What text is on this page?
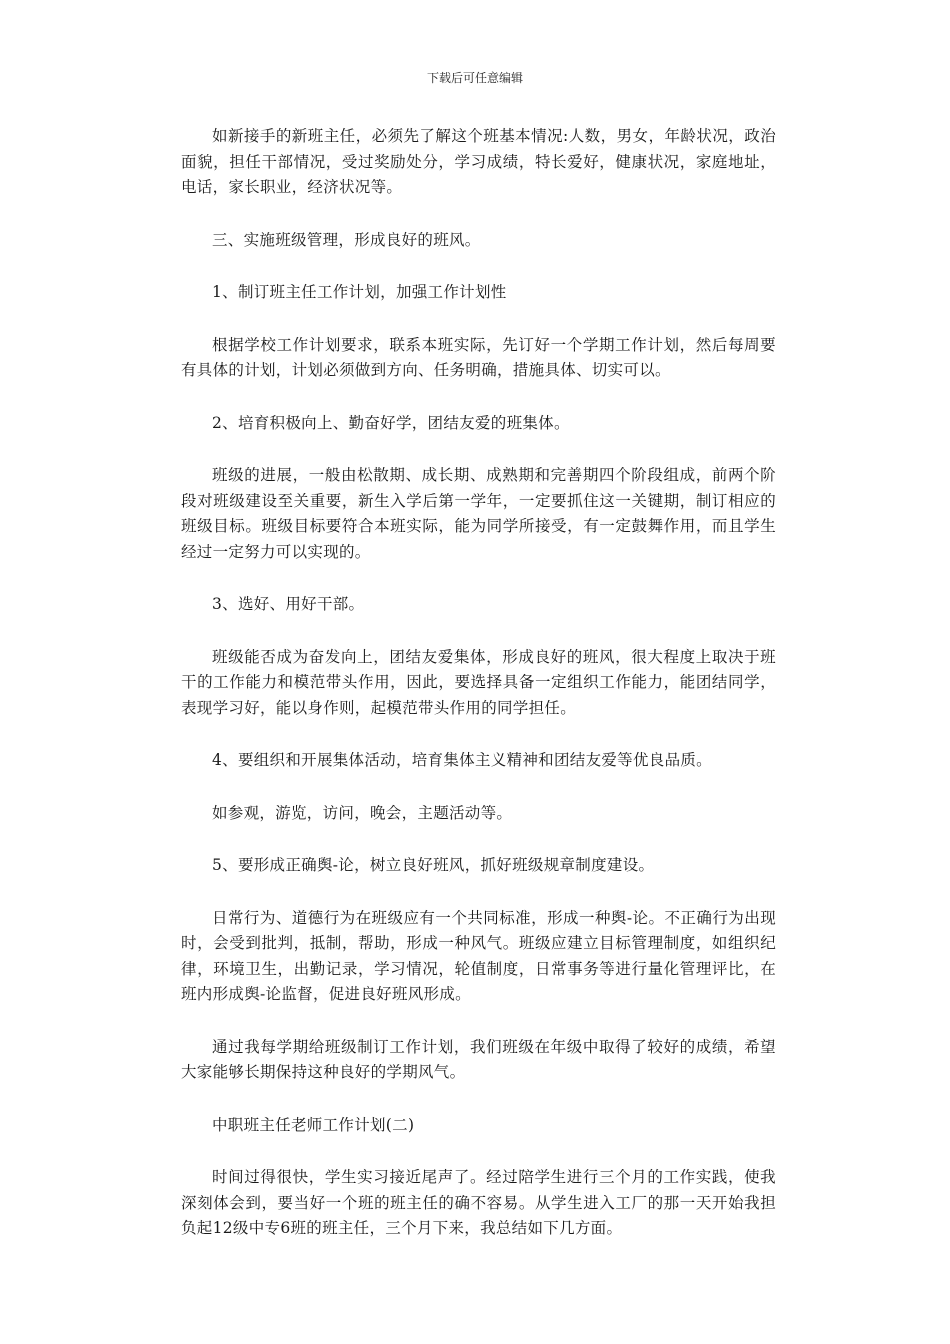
下载后可任意编辑

如新接手的新班主任，必须先了解这个班基本情况:人数，男女，年龄状况，政治面貌，担任干部情况，受过奖励处分，学习成绩，特长爱好，健康状况，家庭地址，电话，家长职业，经济状况等。

三、实施班级管理，形成良好的班风。

1、制订班主任工作计划，加强工作计划性

根据学校工作计划要求，联系本班实际，先订好一个学期工作计划，然后每周要有具体的计划，计划必须做到方向、任务明确，措施具体、切实可以。

2、培育积极向上、勤奋好学，团结友爱的班集体。

班级的进展，一般由松散期、成长期、成熟期和完善期四个阶段组成，前两个阶段对班级建设至关重要，新生入学后第一学年，一定要抓住这一关键期，制订相应的班级目标。班级目标要符合本班实际，能为同学所接受，有一定鼓舞作用，而且学生经过一定努力可以实现的。

3、选好、用好干部。

班级能否成为奋发向上，团结友爱集体，形成良好的班风，很大程度上取决于班干的工作能力和模范带头作用，因此，要选择具备一定组织工作能力，能团结同学，表现学习好，能以身作则，起模范带头作用的同学担任。

4、要组织和开展集体活动，培育集体主义精神和团结友爱等优良品质。

如参观，游览，访问，晚会，主题活动等。

5、要形成正确舆-论，树立良好班风，抓好班级规章制度建设。

日常行为、道德行为在班级应有一个共同标准，形成一种舆-论。不正确行为出现时，会受到批判，抵制，帮助，形成一种风气。班级应建立目标管理制度，如组织纪律，环境卫生，出勤记录，学习情况，轮值制度，日常事务等进行量化管理评比，在班内形成舆-论监督，促进良好班风形成。

通过我每学期给班级制订工作计划，我们班级在年级中取得了较好的成绩，希望大家能够长期保持这种良好的学期风气。

中职班主任老师工作计划(二)

时间过得很快，学生实习接近尾声了。经过陪学生进行三个月的工作实践，使我深刻体会到，要当好一个班的班主任的确不容易。从学生进入工厂的那一天开始我担负起12级中专6班的班主任，三个月下来，我总结如下几方面。
